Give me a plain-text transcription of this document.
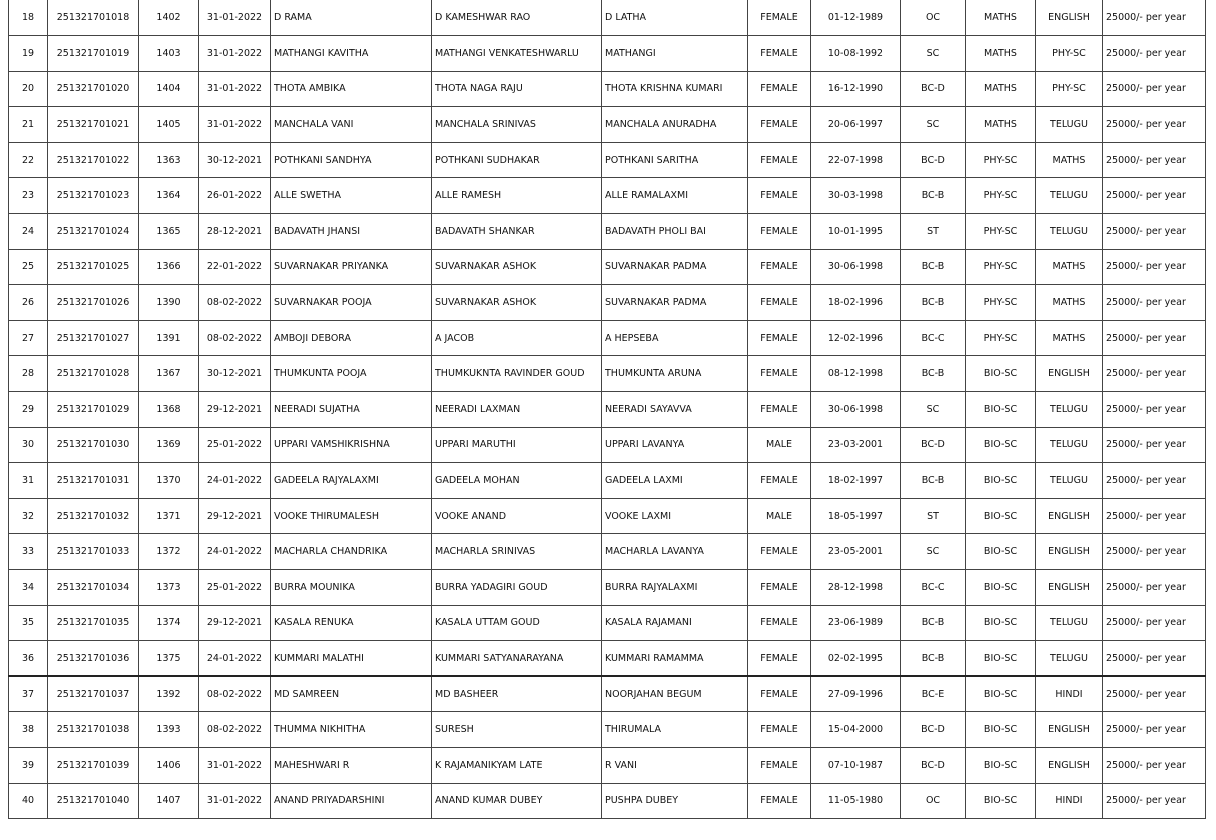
18	251321701018	1402	31-01-2022	D RAMA	D KAMESHWAR RAO	D LATHA	FEMALE	01-12-1989	OC	MATHS	ENGLISH	25000/- per year
19	251321701019	1403	31-01-2022	MATHANGI KAVITHA	MATHANGI VENKATESHWARLU	MATHANGI	FEMALE	10-08-1992	SC	MATHS	PHY-SC	25000/- per year
20	251321701020	1404	31-01-2022	THOTA AMBIKA	THOTA NAGA RAJU	THOTA KRISHNA KUMARI	FEMALE	16-12-1990	BC-D	MATHS	PHY-SC	25000/- per year
21	251321701021	1405	31-01-2022	MANCHALA VANI	MANCHALA SRINIVAS	MANCHALA ANURADHA	FEMALE	20-06-1997	SC	MATHS	TELUGU	25000/- per year
22	251321701022	1363	30-12-2021	POTHKANI SANDHYA	POTHKANI SUDHAKAR	POTHKANI SARITHA	FEMALE	22-07-1998	BC-D	PHY-SC	MATHS	25000/- per year
23	251321701023	1364	26-01-2022	ALLE SWETHA	ALLE RAMESH	ALLE RAMALAXMI	FEMALE	30-03-1998	BC-B	PHY-SC	TELUGU	25000/- per year
24	251321701024	1365	28-12-2021	BADAVATH JHANSI	BADAVATH SHANKAR	BADAVATH PHOLI BAI	FEMALE	10-01-1995	ST	PHY-SC	TELUGU	25000/- per year
25	251321701025	1366	22-01-2022	SUVARNAKAR PRIYANKA	SUVARNAKAR ASHOK	SUVARNAKAR PADMA	FEMALE	30-06-1998	BC-B	PHY-SC	MATHS	25000/- per year
26	251321701026	1390	08-02-2022	SUVARNAKAR POOJA	SUVARNAKAR ASHOK	SUVARNAKAR PADMA	FEMALE	18-02-1996	BC-B	PHY-SC	MATHS	25000/- per year
27	251321701027	1391	08-02-2022	AMBOJI DEBORA	A JACOB	A HEPSEBA	FEMALE	12-02-1996	BC-C	PHY-SC	MATHS	25000/- per year
28	251321701028	1367	30-12-2021	THUMKUNTA POOJA	THUMKUKNTA RAVINDER GOUD	THUMKUNTA ARUNA	FEMALE	08-12-1998	BC-B	BIO-SC	ENGLISH	25000/- per year
29	251321701029	1368	29-12-2021	NEERADI SUJATHA	NEERADI LAXMAN	NEERADI SAYAVVA	FEMALE	30-06-1998	SC	BIO-SC	TELUGU	25000/- per year
30	251321701030	1369	25-01-2022	UPPARI VAMSHIKRISHNA	UPPARI MARUTHI	UPPARI LAVANYA	MALE	23-03-2001	BC-D	BIO-SC	TELUGU	25000/- per year
31	251321701031	1370	24-01-2022	GADEELA RAJYALAXMI	GADEELA MOHAN	GADEELA LAXMI	FEMALE	18-02-1997	BC-B	BIO-SC	TELUGU	25000/- per year
32	251321701032	1371	29-12-2021	VOOKE THIRUMALESH	VOOKE ANAND	VOOKE LAXMI	MALE	18-05-1997	ST	BIO-SC	ENGLISH	25000/- per year
33	251321701033	1372	24-01-2022	MACHARLA CHANDRIKA	MACHARLA SRINIVAS	MACHARLA LAVANYA	FEMALE	23-05-2001	SC	BIO-SC	ENGLISH	25000/- per year
34	251321701034	1373	25-01-2022	BURRA MOUNIKA	BURRA YADAGIRI GOUD	BURRA RAJYALAXMI	FEMALE	28-12-1998	BC-C	BIO-SC	ENGLISH	25000/- per year
35	251321701035	1374	29-12-2021	KASALA RENUKA	KASALA UTTAM GOUD	KASALA RAJAMANI	FEMALE	23-06-1989	BC-B	BIO-SC	TELUGU	25000/- per year
36	251321701036	1375	24-01-2022	KUMMARI MALATHI	KUMMARI SATYANARAYANA	KUMMARI RAMAMMA	FEMALE	02-02-1995	BC-B	BIO-SC	TELUGU	25000/- per year
37	251321701037	1392	08-02-2022	MD SAMREEN	MD BASHEER	NOORJAHAN BEGUM	FEMALE	27-09-1996	BC-E	BIO-SC	HINDI	25000/- per year
38	251321701038	1393	08-02-2022	THUMMA NIKHITHA	SURESH	THIRUMALA	FEMALE	15-04-2000	BC-D	BIO-SC	ENGLISH	25000/- per year
39	251321701039	1406	31-01-2022	MAHESHWARI R	K RAJAMANIKYAM LATE	R VANI	FEMALE	07-10-1987	BC-D	BIO-SC	ENGLISH	25000/- per year
40	251321701040	1407	31-01-2022	ANAND PRIYADARSHINI	ANAND KUMAR DUBEY	PUSHPA DUBEY	FEMALE	11-05-1980	OC	BIO-SC	HINDI	25000/- per year
